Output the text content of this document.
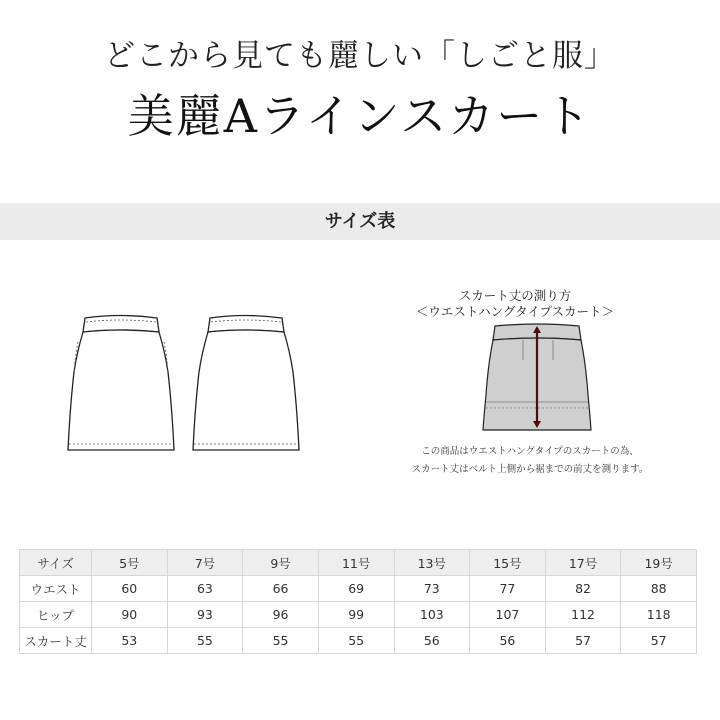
どこから見ても麗しい「しごと服」
美麗Aラインスカート
サイズ表
スカート丈の測り方
＜ウエストハングタイプスカート＞
この商品はウエストハングタイプのスカートの為、
スカート丈はベルト上側から裾までの前丈を測ります。
サイズ	5号	7号	9号	11号	13号	15号	17号	19号
ウエスト	60	63	66	69	73	77	82	88
ヒップ	90	93	96	99	103	107	112	118
スカート丈	53	55	55	55	56	56	57	57
